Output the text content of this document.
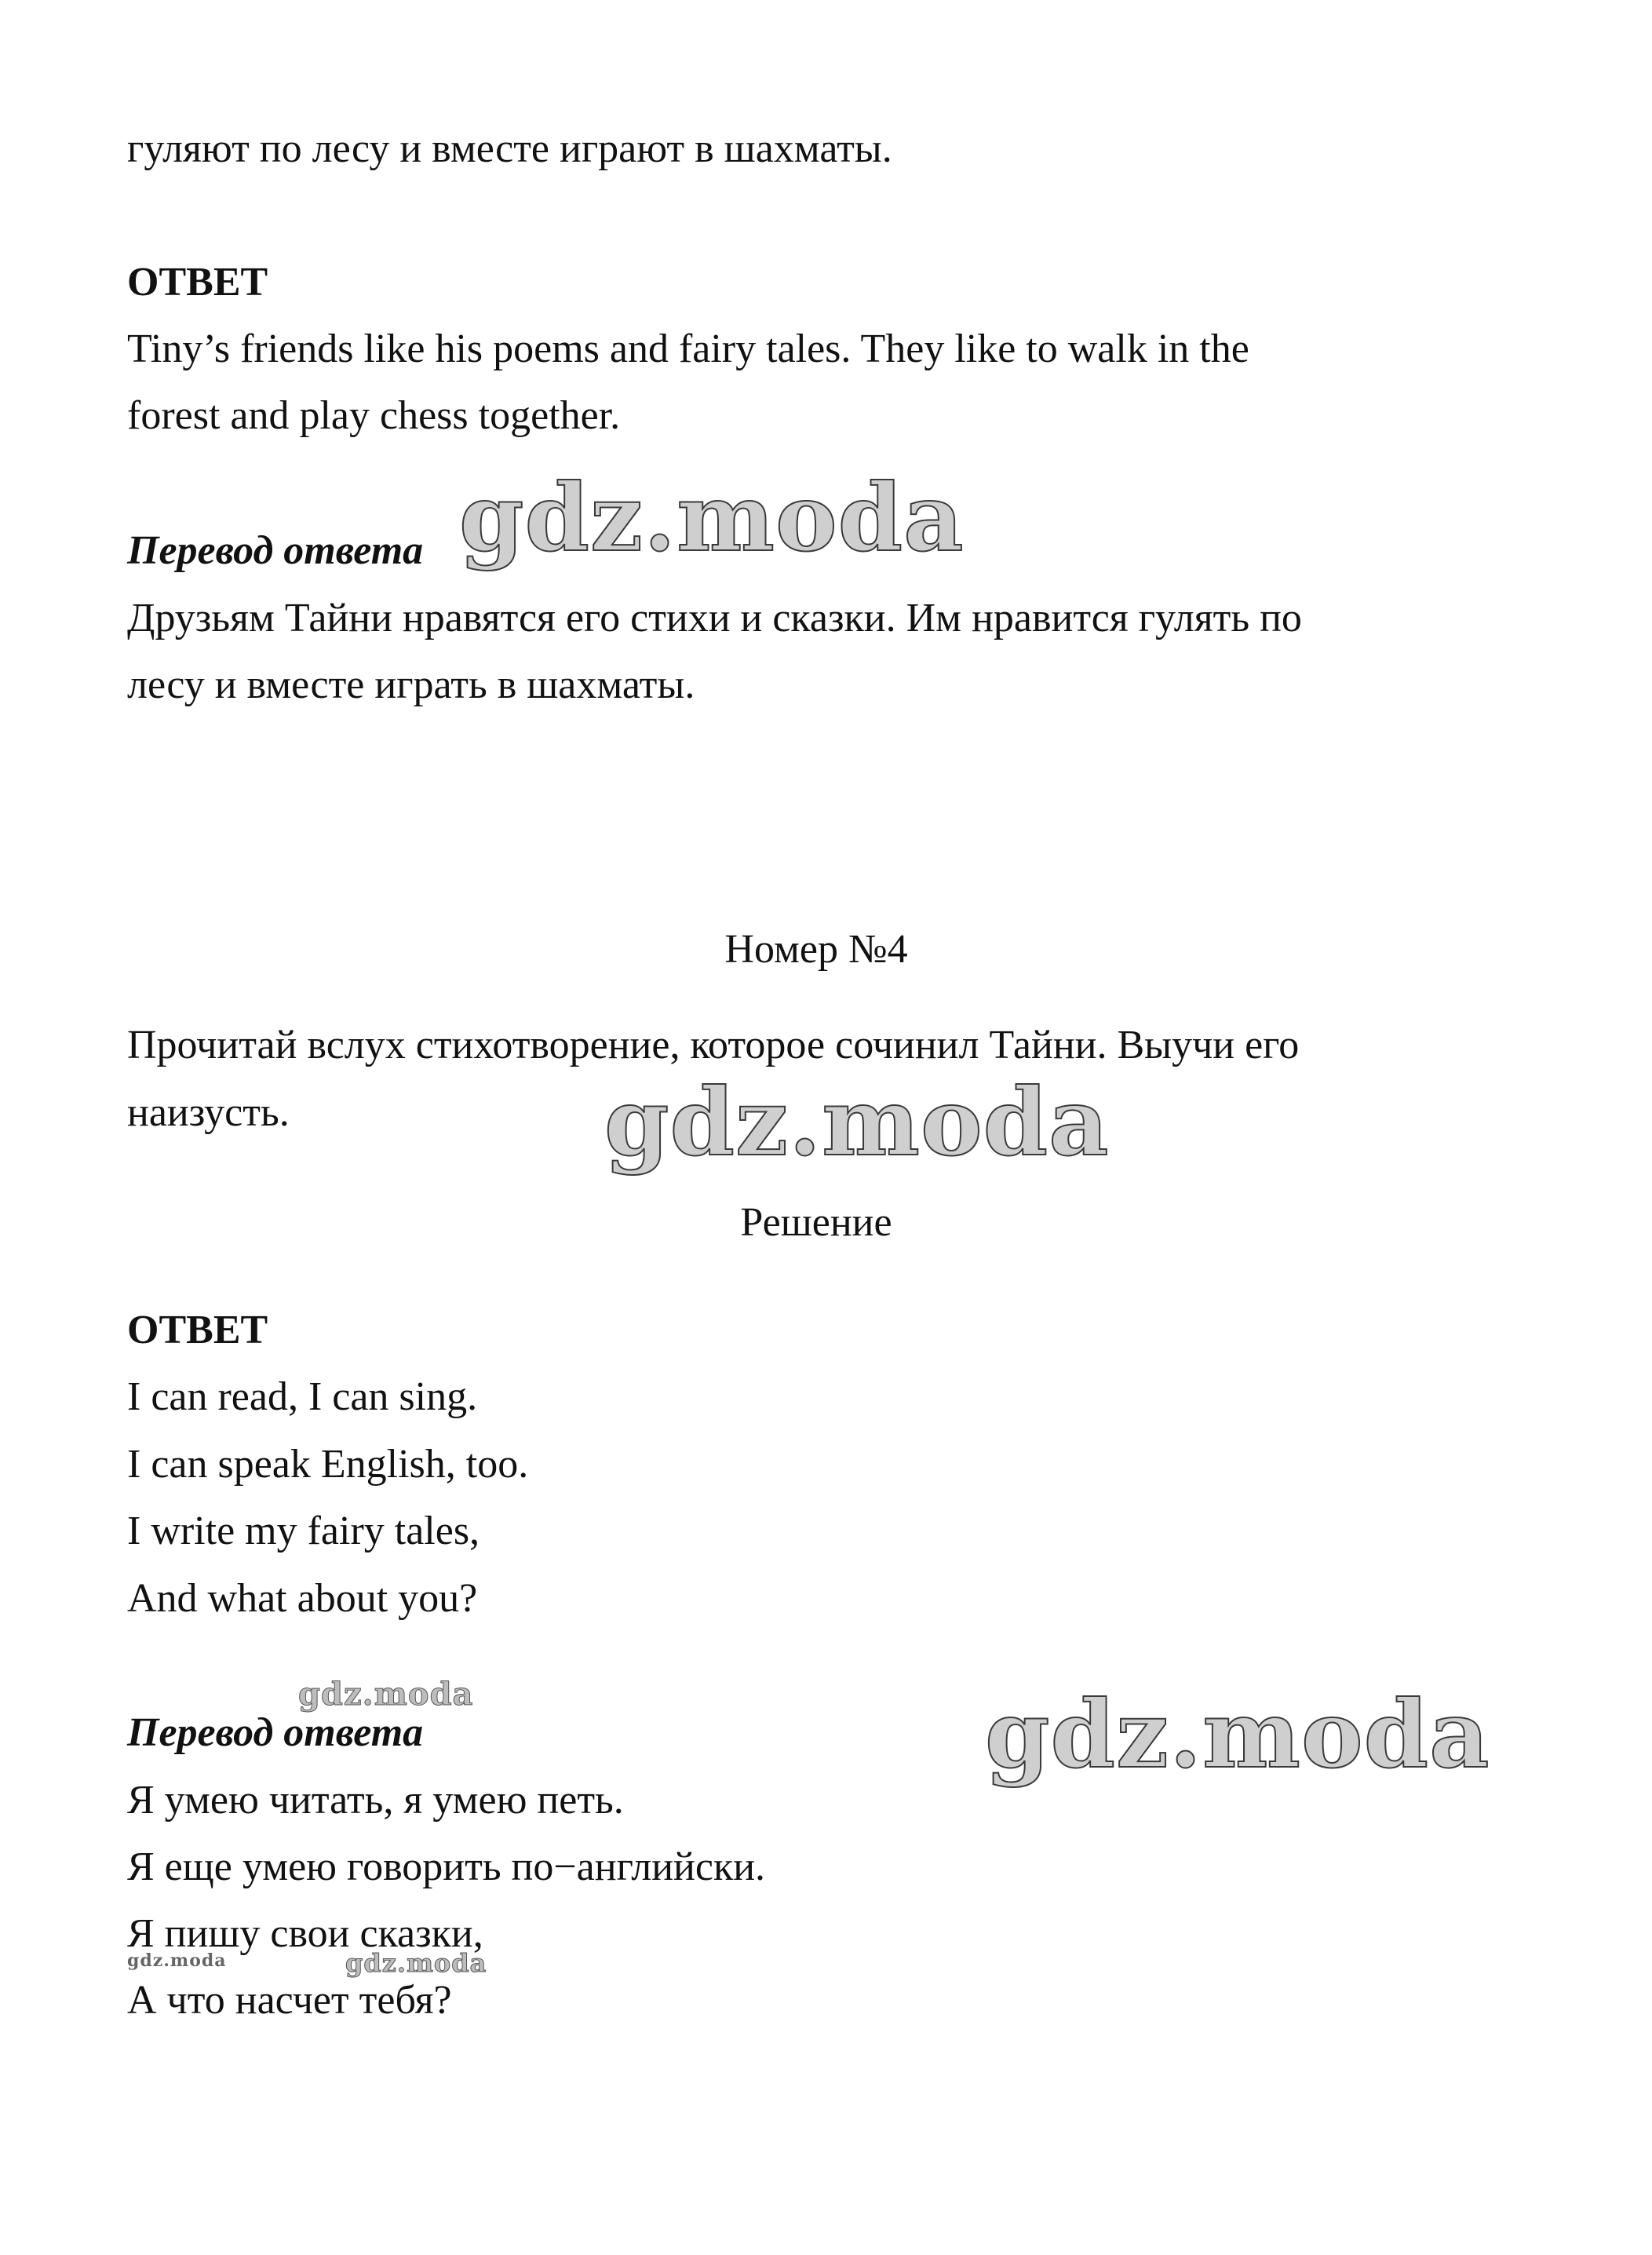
гуляют по лесу и вместе играют в шахматы.
ОТВЕТ
Tiny’s friends like his poems and fairy tales. They like to walk in the
forest and play chess together.
Перевод ответа
Друзьям Тайни нравятся его стихи и сказки. Им нравится гулять по
лесу и вместе играть в шахматы.
Номер №4
Прочитай вслух стихотворение, которое сочинил Тайни. Выучи его
наизусть.
Решение
ОТВЕТ
I can read, I can sing.
I can speak English, too.
I write my fairy tales,
And what about you?
Перевод ответа
Я умею читать, я умею петь.
Я еще умею говорить по−английски.
Я пишу свои сказки,
А что насчет тебя?
gdz.moda
gdz.moda
gdz.moda
gdz.moda
gdz.moda	gdz.moda
